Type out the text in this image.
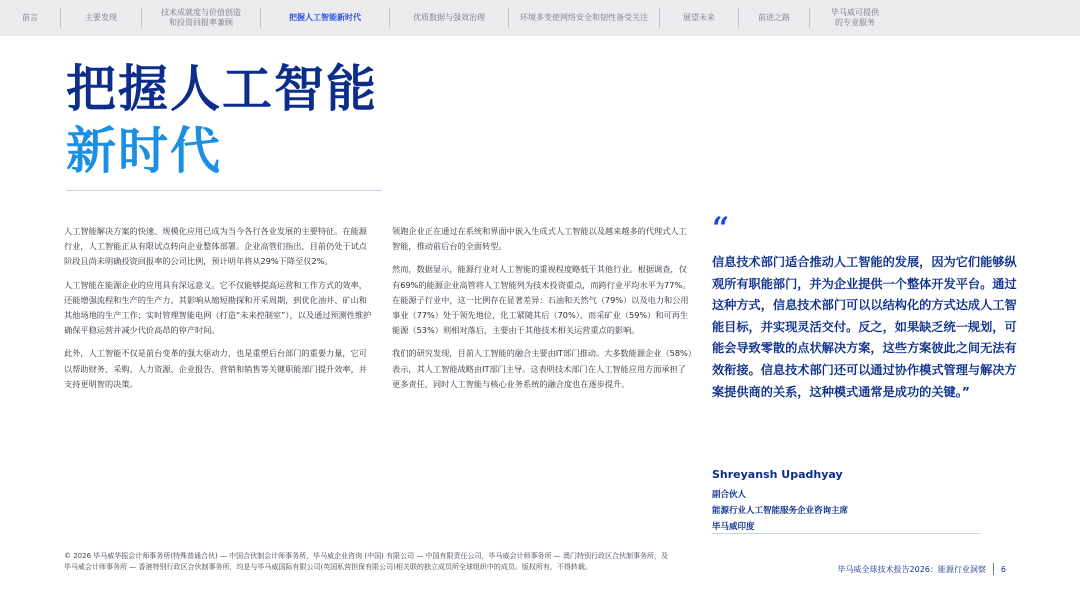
前言	主要发现
技术成就度与价值创造
和投资回报率兼顾
把握人工智能新时代	优质数据与强效治理	环境多变使网络安全和韧性备受关注	展望未来	前进之路
毕马威可提供
的专业服务
把握人工智能
新时代

人工智能解决方案的快速、规模化应用已成为当今各行各业发展的主要特征。在能源行业，人工智能正从有限试点转向企业整体部署。企业高管们指出，目前仍处于试点阶段且尚未明确投资回报率的公司比例，预计明年将从29%下降至仅2%。

人工智能在能源企业的应用具有深远意义。它不仅能够提高运营和工作方式的效率，还能增强流程和生产的生产力。其影响从缩短勘探和开采周期，到优化油井、矿山和其他场地的生产工作；实时管理智能电网（打造“未来控制室”），以及通过预测性维护确保平稳运营并减少代价高昂的停产时间。

此外，人工智能不仅是前台变革的强大驱动力，也是重塑后台部门的重要力量，它可以帮助财务、采购、人力资源、企业报告、营销和销售等关键职能部门提升效率，并支持更明智的决策。

领跑企业正在通过在系统和界面中嵌入生成式人工智能以及越来越多的代理式人工智能，推动前后台的全面转型。

然而，数据显示，能源行业对人工智能的重视程度略低于其他行业。根据调查，仅有69%的能源企业高管将人工智能列为技术投资重点，而跨行业平均水平为77%。在能源子行业中，这一比例存在显著差异：石油和天然气（79%）以及电力和公用事业（77%）处于领先地位，化工紧随其后（70%），而采矿业（59%）和可再生能源（53%）则相对落后，主要由于其他技术相关运营重点的影响。

我们的研究发现，目前人工智能的融合主要由IT部门推动。大多数能源企业（58%）表示，其人工智能战略由IT部门主导。这表明技术部门在人工智能应用方面承担了更多责任，同时人工智能与核心业务系统的融合度也在逐步提升。

“
信息技术部门适合推动人工智能的发展，因为它们能够纵观所有职能部门，并为企业提供一个整体开发平台。通过这种方式，信息技术部门可以以结构化的方式达成人工智能目标，并实现灵活交付。反之，如果缺乏统一规划，可能会导致零散的点状解决方案，这些方案彼此之间无法有效衔接。信息技术部门还可以通过协作模式管理与解决方案提供商的关系，这种模式通常是成功的关键。”
Shreyansh Upadhyay
副合伙人
能源行业人工智能服务企业咨询主席
毕马威印度
© 2026 毕马威华振会计师事务所(特殊普通合伙) — 中国合伙制会计师事务所，毕马威企业咨询 (中国) 有限公司 — 中国有限责任公司，毕马威会计师事务所 — 澳门特别行政区合伙制事务所，及毕马威会计师事务所 — 香港特别行政区合伙制事务所，均是与毕马威国际有限公司(英国私营担保有限公司)相关联的独立成员所全球组织中的成员。版权所有，不得转载。	毕马威全球技术报告2026：能源行业洞察 6
